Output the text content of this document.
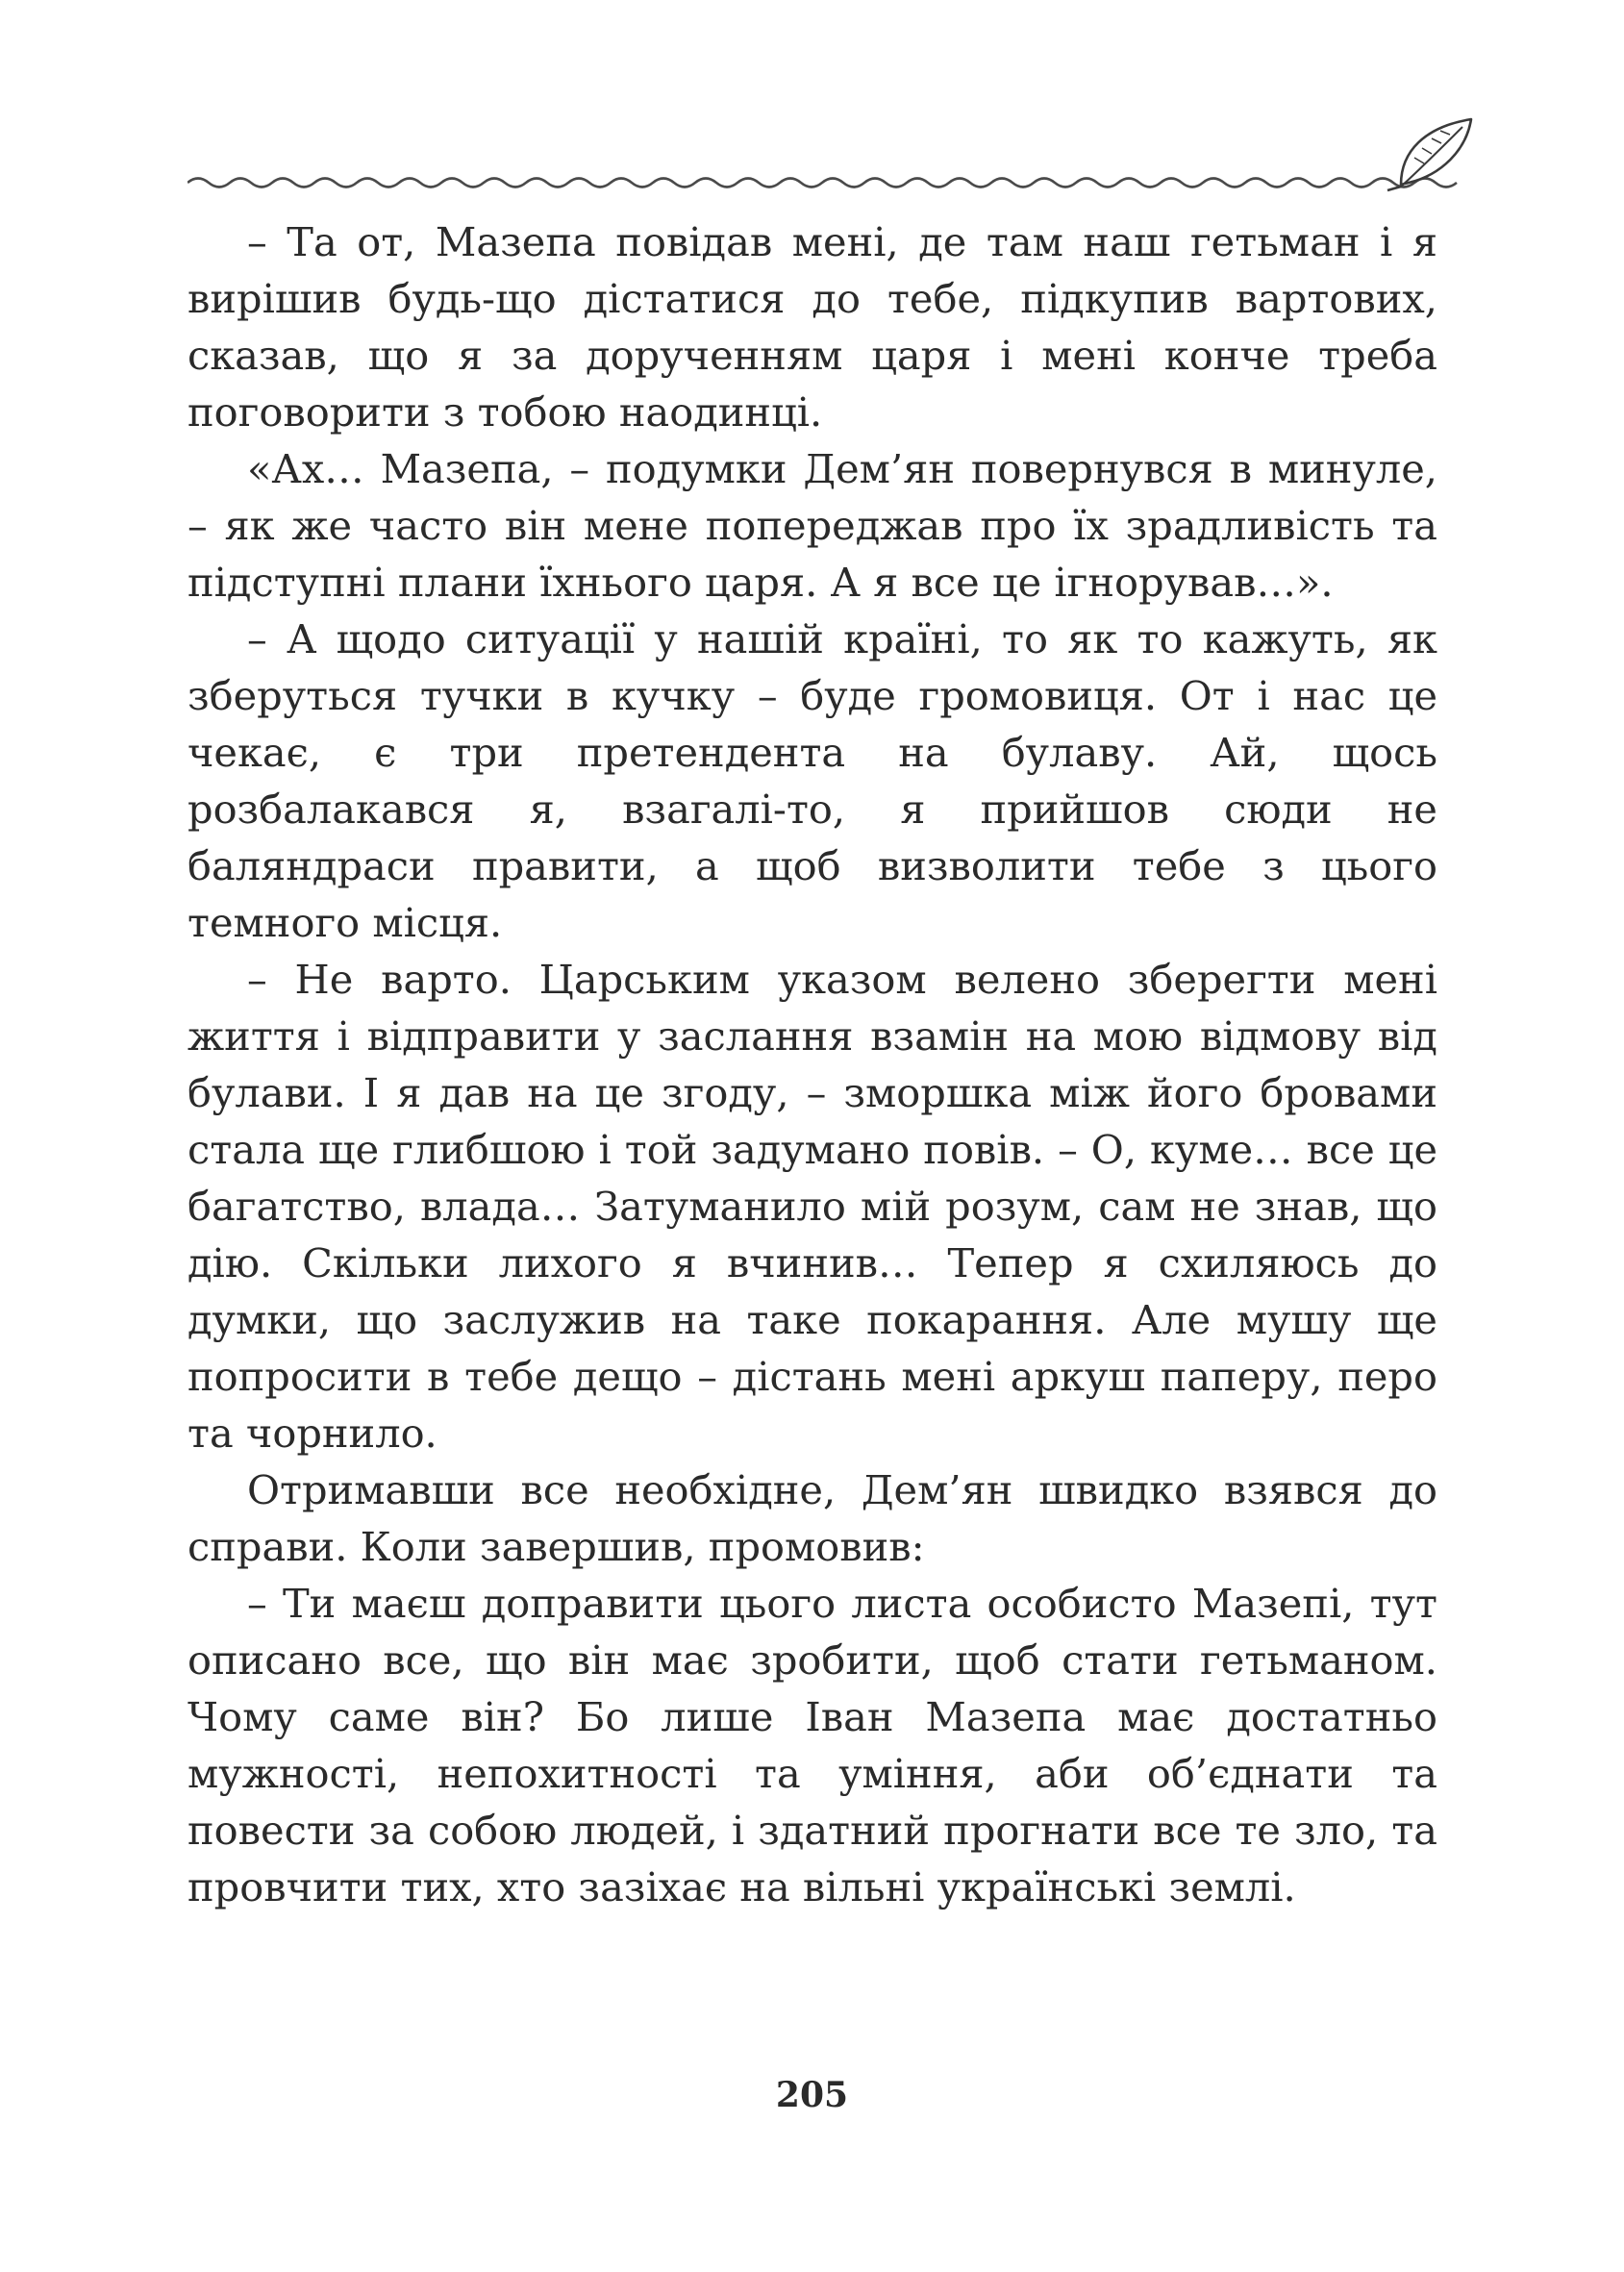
– Та от, Мазепа повідав мені, де там наш гетьман і я вирішив будь-що дістатися до тебе, підкупив вартових, сказав, що я за дорученням царя і мені конче треба поговорити з тобою наодинці.

«Ах… Мазепа, – подумки Дем’ян повернувся в минуле, – як же часто він мене попереджав про їх зрадливість та підступні плани їхнього царя. А я все це ігнорував…».

– А щодо ситуації у нашій країні, то як то кажуть, як зберуться тучки в кучку – буде громовиця. От і нас це чекає, є три претендента на булаву. Ай, щось розбалакався я, взагалі-то, я прийшов сюди не баляндраси правити, а щоб визволити тебе з цього темного місця.

– Не варто. Царським указом велено зберегти мені життя і відправити у заслання взамін на мою відмову від булави. І я дав на це згоду, – зморшка між його бровами стала ще глибшою і той задумано повів. – О, куме… все це багатство, влада… Затуманило мій розум, сам не знав, що дію. Скільки лихого я вчинив… Тепер я схиляюсь до думки, що заслужив на таке покарання. Але мушу ще попросити в тебе дещо – дістань мені аркуш паперу, перо та чорнило.

Отримавши все необхідне, Дем’ян швидко взявся до справи. Коли завершив, промовив:

– Ти маєш доправити цього листа особисто Мазепі, тут описано все, що він має зробити, щоб стати гетьманом. Чому саме він? Бо лише Іван Мазепа має достатньо мужності, непохитності та уміння, аби об’єднати та повести за собою людей, і здатний прогнати все те зло, та провчити тих, хто зазіхає на вільні українські землі.

205
